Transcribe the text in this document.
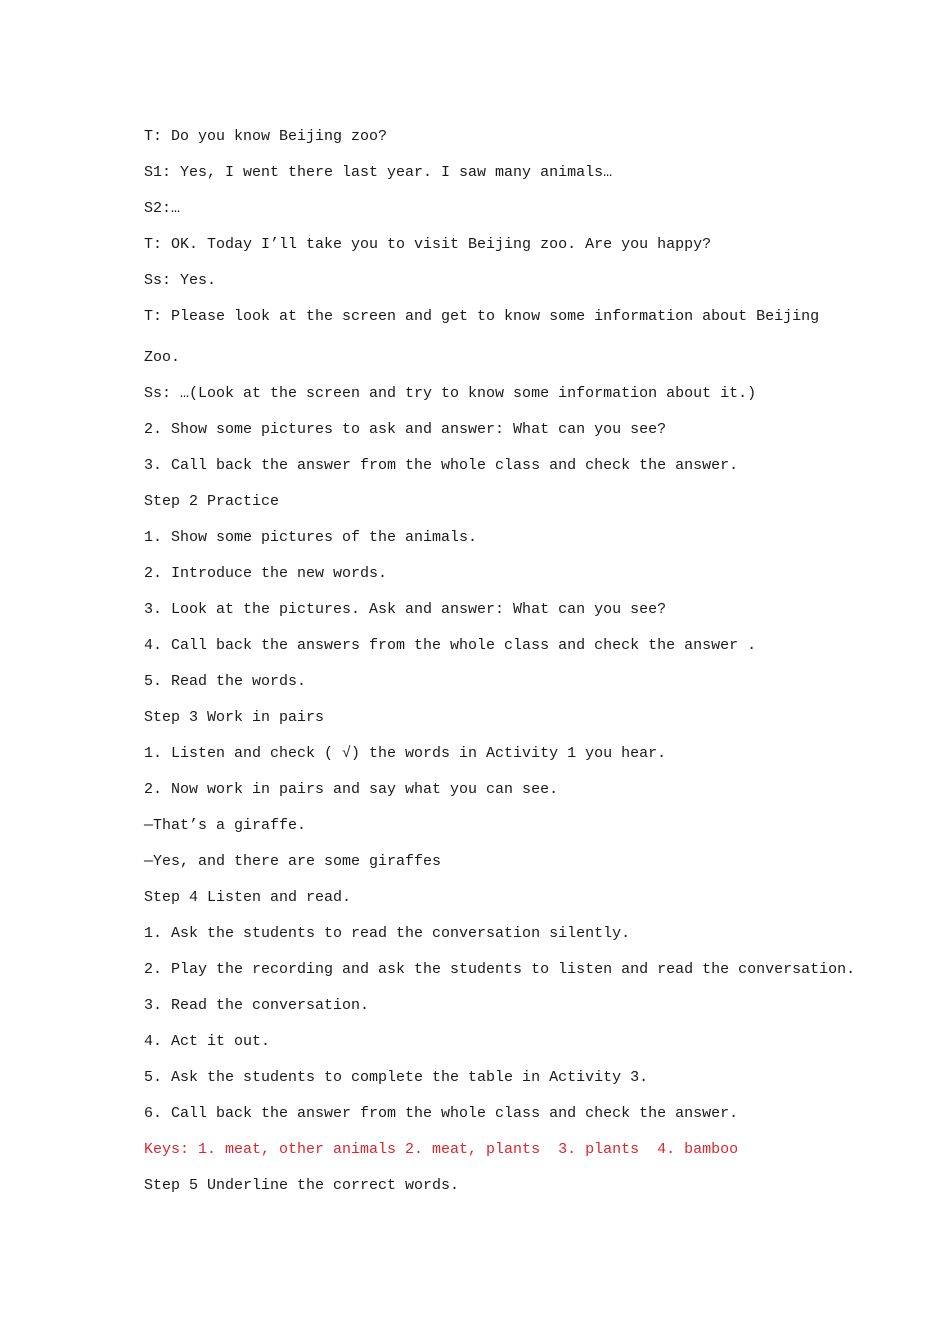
T: Do you know Beijing zoo?
S1: Yes, I went there last year. I saw many animals…
S2:…
T: OK. Today I’ll take you to visit Beijing zoo. Are you happy?
Ss: Yes.
T: Please look at the screen and get to know some information about Beijing
Zoo.
Ss: …(Look at the screen and try to know some information about it.)
2. Show some pictures to ask and answer: What can you see?
3. Call back the answer from the whole class and check the answer.
Step 2 Practice
1. Show some pictures of the animals.
2. Introduce the new words.
3. Look at the pictures. Ask and answer: What can you see?
4. Call back the answers from the whole class and check the answer .
5. Read the words.
Step 3 Work in pairs
1. Listen and check ( √) the words in Activity 1 you hear.
2. Now work in pairs and say what you can see.
—That’s a giraffe.
—Yes, and there are some giraffes
Step 4 Listen and read.
1. Ask the students to read the conversation silently.
2. Play the recording and ask the students to listen and read the conversation.
3. Read the conversation.
4. Act it out.
5. Ask the students to complete the table in Activity 3.
6. Call back the answer from the whole class and check the answer.
Keys: 1. meat, other animals 2. meat, plants  3. plants  4. bamboo
Step 5 Underline the correct words.
